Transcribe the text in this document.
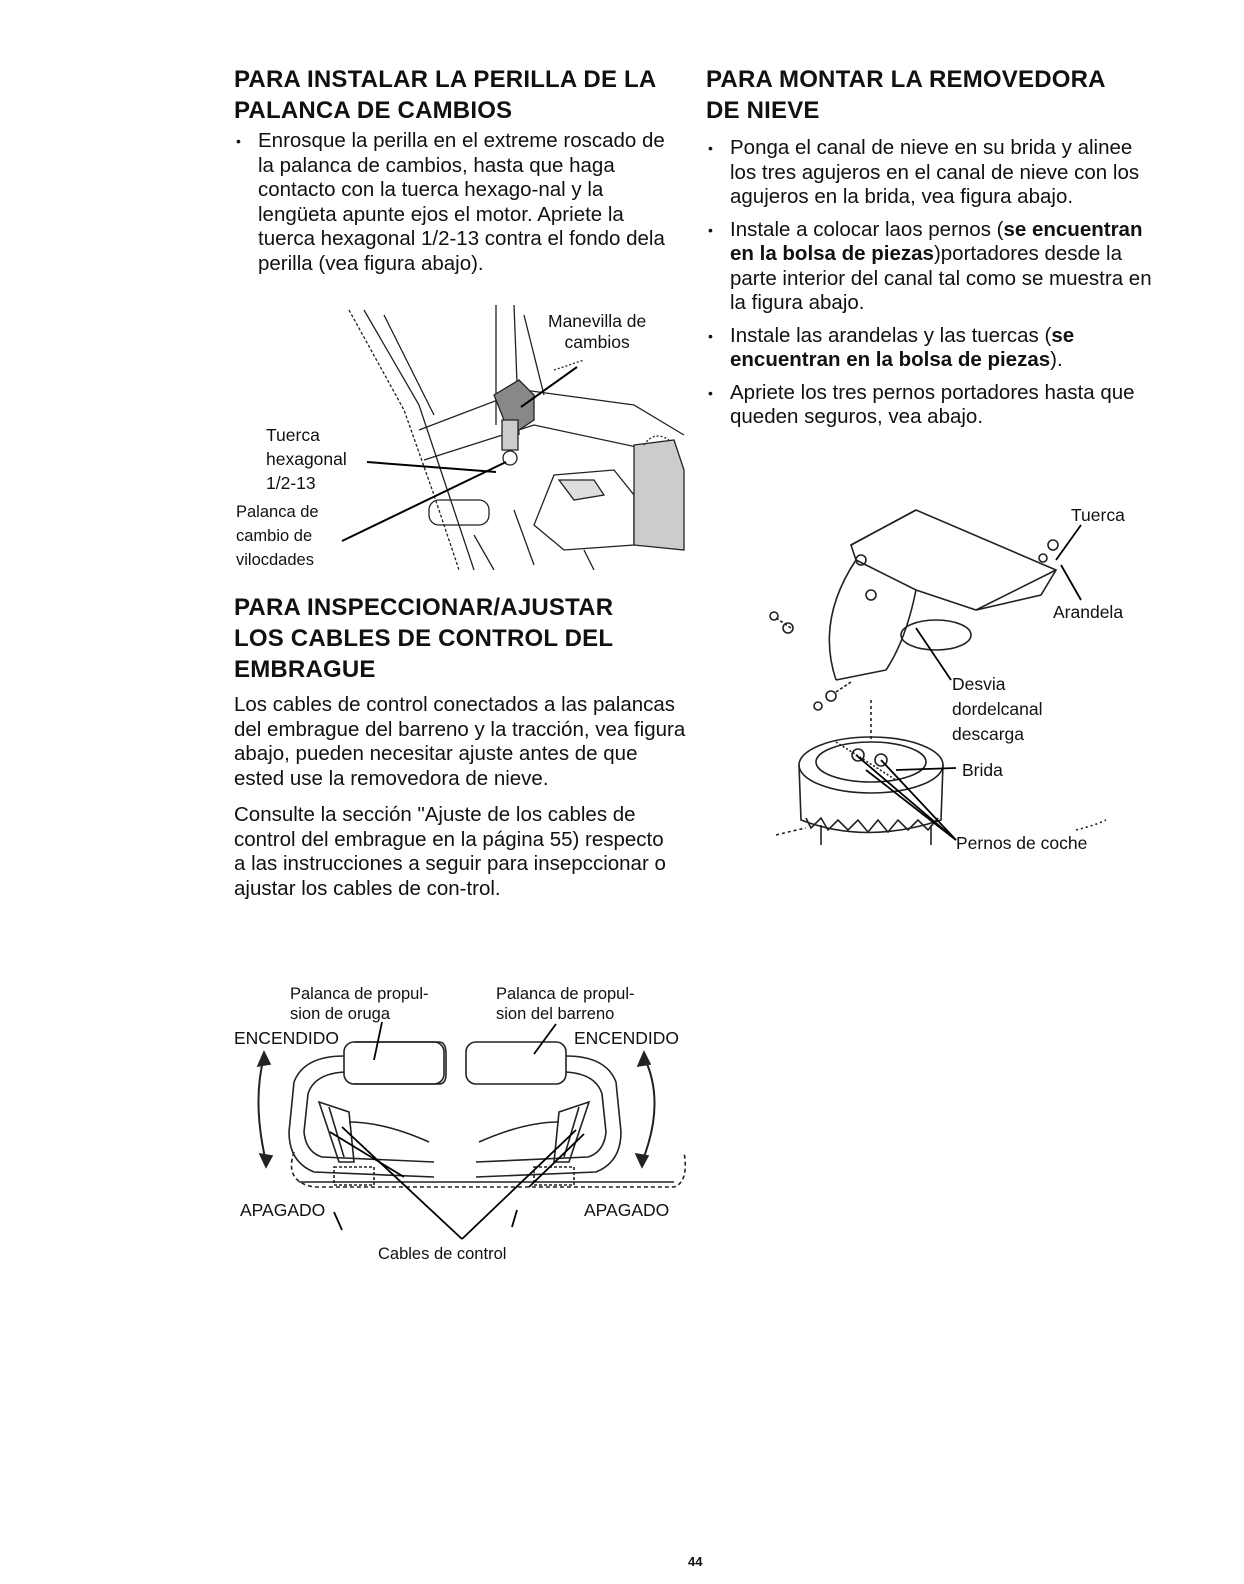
PARA INSTALAR LA PERILLA DE LA
PALANCA DE CAMBIOS
• Enrosque la perilla en el extreme roscado de la palanca de cambios, hasta que haga contacto con la tuerca hexago-nal y la lengüeta apunte ejos el motor. Apriete la tuerca hexagonal 1/2-13 contra el fondo dela perilla (vea figura abajo).
Manevilla de
cambios
Tuerca
hexagonal
1/2-13
Palanca de
cambio de
vilocdades
PARA INSPECCIONAR/AJUSTAR
LOS CABLES DE CONTROL DEL
EMBRAGUE

Los cables de control conectados a las palancas del embrague del barreno y la tracción, vea figura abajo, pueden necesitar ajuste antes de que ested use la removedora de nieve.

Consulte la sección "Ajuste de los cables de control del embrague en la página 55) respecto a las instrucciones a seguir para insepccionar o ajustar los cables de con-trol.

Palanca de propul-
sion de oruga
Palanca de propul-
sion del barreno
ENCENDIDO	ENCENDIDO
APAGADO	APAGADO
Cables de control
PARA MONTAR LA REMOVEDORA
DE NIEVE
• Ponga el canal de nieve en su brida y alinee los tres agujeros en el canal de nieve con los agujeros en la brida, vea figura abajo.
• Instale a colocar laos pernos (se encuentran en la bolsa de piezas)portadores desde la parte interior del canal tal como se muestra en la figura abajo.
• Instale las arandelas y las tuercas (se encuentran en la bolsa de piezas).
• Apriete los tres pernos portadores hasta que queden seguros, vea abajo.
Tuerca
Arandela
Desvia
dordelcanal
descarga
Brida
Pernos de coche
44
